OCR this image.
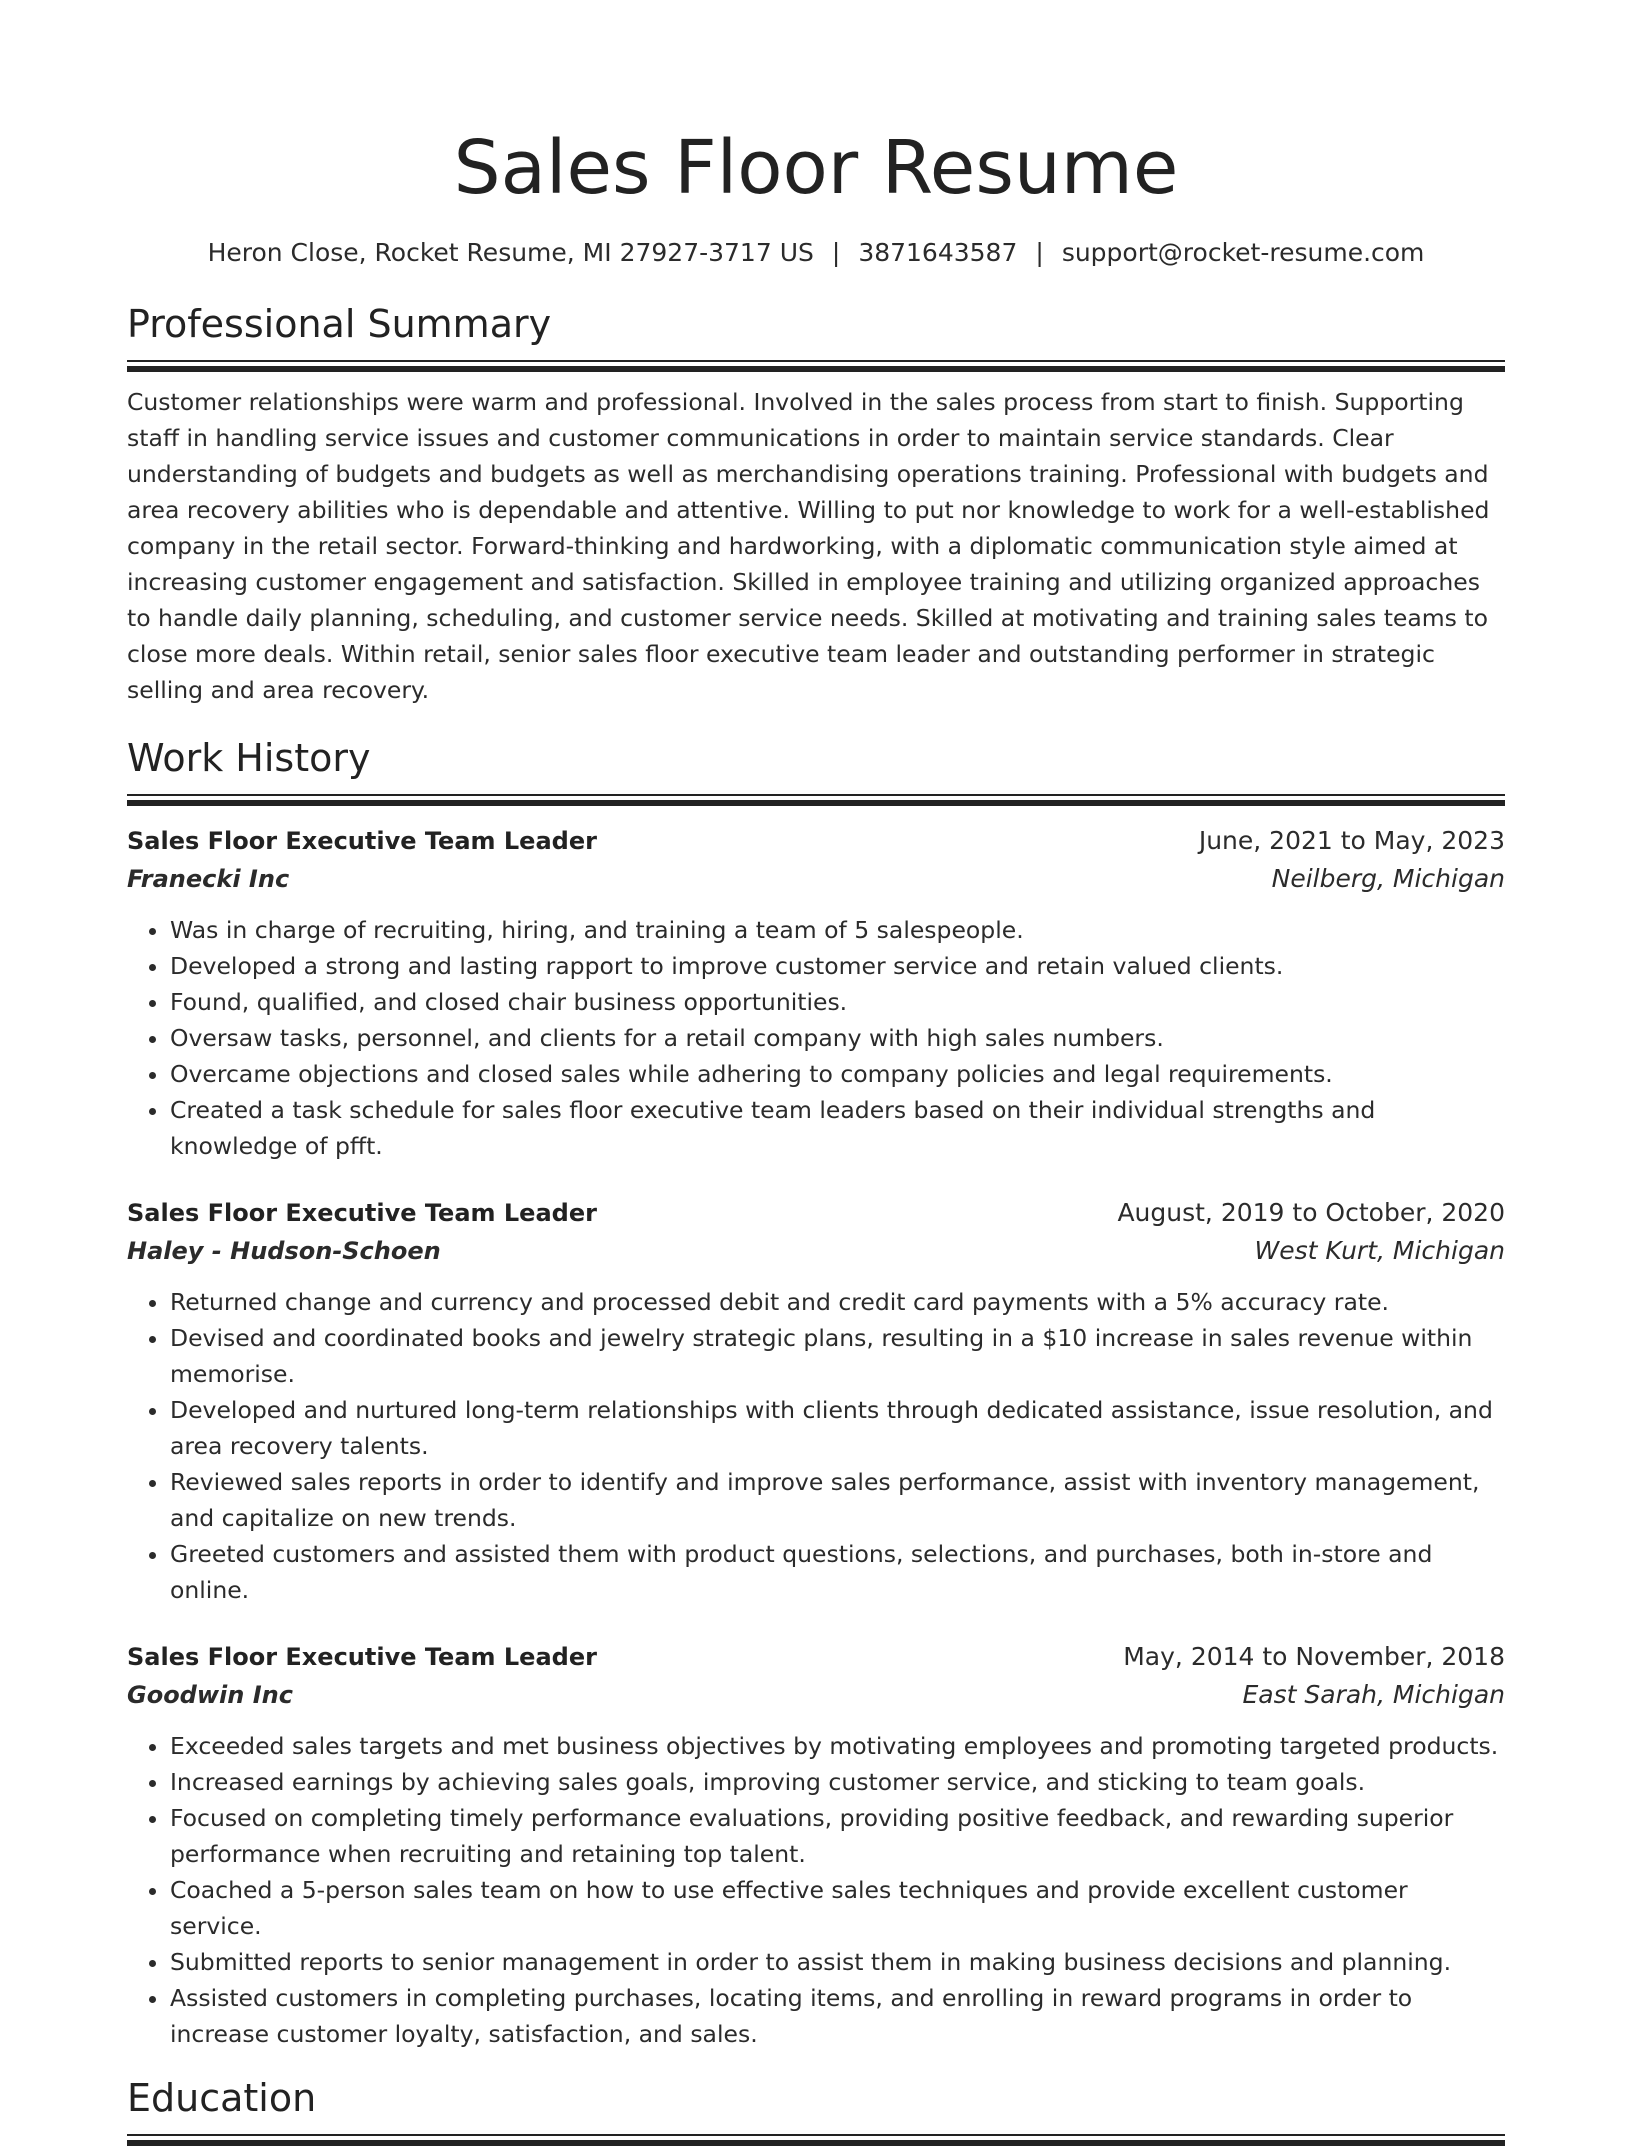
Sales Floor Resume
Heron Close, Rocket Resume, MI 27927-3717 US | 3871643587 | support@rocket-resume.com
Professional Summary

Customer relationships were warm and professional. Involved in the sales process from start to finish. Supporting staff in handling service issues and customer communications in order to maintain service standards. Clear understanding of budgets and budgets as well as merchandising operations training. Professional with budgets and area recovery abilities who is dependable and attentive. Willing to put nor knowledge to work for a well-established company in the retail sector. Forward-thinking and hardworking, with a diplomatic communication style aimed at increasing customer engagement and satisfaction. Skilled in employee training and utilizing organized approaches to handle daily planning, scheduling, and customer service needs. Skilled at motivating and training sales teams to close more deals. Within retail, senior sales floor executive team leader and outstanding performer in strategic selling and area recovery.

Work History
Sales Floor Executive Team Leader	June, 2021 to May, 2023
Franecki Inc	Neilberg, Michigan
• Was in charge of recruiting, hiring, and training a team of 5 salespeople.
• Developed a strong and lasting rapport to improve customer service and retain valued clients.
• Found, qualified, and closed chair business opportunities.
• Oversaw tasks, personnel, and clients for a retail company with high sales numbers.
• Overcame objections and closed sales while adhering to company policies and legal requirements.
• Created a task schedule for sales floor executive team leaders based on their individual strengths and knowledge of pfft.
Sales Floor Executive Team Leader	August, 2019 to October, 2020
Haley - Hudson-Schoen	West Kurt, Michigan
• Returned change and currency and processed debit and credit card payments with a 5% accuracy rate.
• Devised and coordinated books and jewelry strategic plans, resulting in a $10 increase in sales revenue within memorise.
• Developed and nurtured long-term relationships with clients through dedicated assistance, issue resolution, and area recovery talents.
• Reviewed sales reports in order to identify and improve sales performance, assist with inventory management, and capitalize on new trends.
• Greeted customers and assisted them with product questions, selections, and purchases, both in-store and online.
Sales Floor Executive Team Leader	May, 2014 to November, 2018
Goodwin Inc	East Sarah, Michigan
• Exceeded sales targets and met business objectives by motivating employees and promoting targeted products.
• Increased earnings by achieving sales goals, improving customer service, and sticking to team goals.
• Focused on completing timely performance evaluations, providing positive feedback, and rewarding superior performance when recruiting and retaining top talent.
• Coached a 5-person sales team on how to use effective sales techniques and provide excellent customer service.
• Submitted reports to senior management in order to assist them in making business decisions and planning.
• Assisted customers in completing purchases, locating items, and enrolling in reward programs in order to increase customer loyalty, satisfaction, and sales.
Education
